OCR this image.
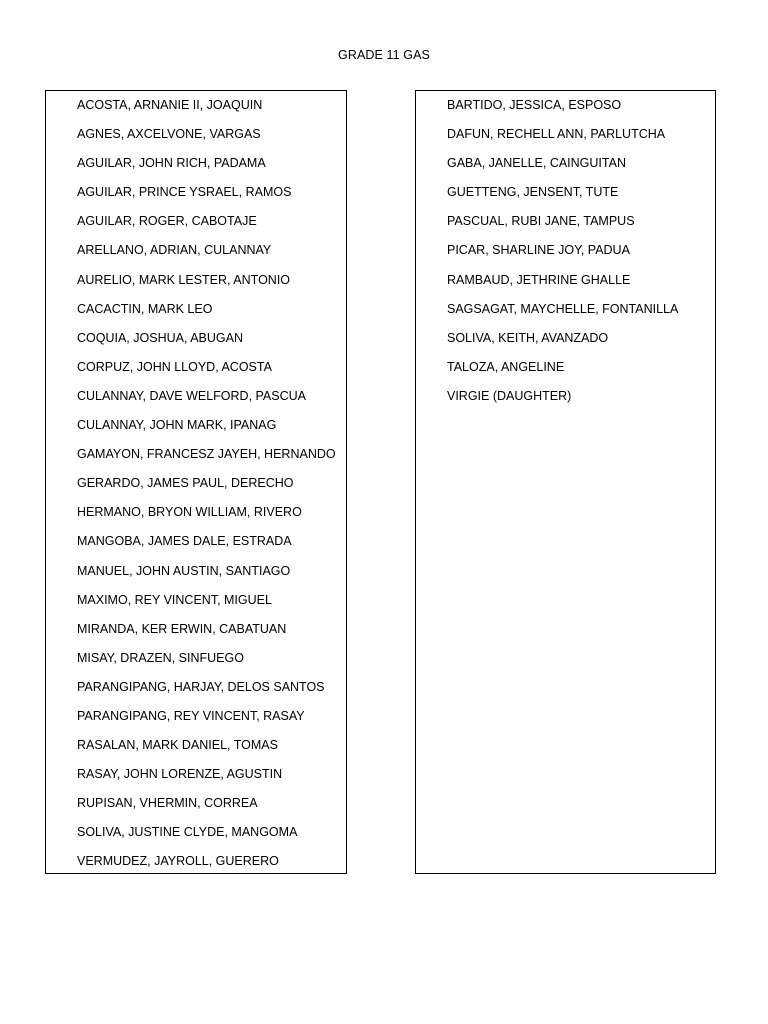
GRADE 11 GAS
ACOSTA, ARNANIE II, JOAQUIN
AGNES, AXCELVONE, VARGAS
AGUILAR, JOHN RICH, PADAMA
AGUILAR, PRINCE YSRAEL, RAMOS
AGUILAR, ROGER, CABOTAJE
ARELLANO, ADRIAN, CULANNAY
AURELIO, MARK LESTER, ANTONIO
CACACTIN, MARK LEO
COQUIA, JOSHUA, ABUGAN
CORPUZ, JOHN LLOYD, ACOSTA
CULANNAY, DAVE WELFORD, PASCUA
CULANNAY, JOHN MARK, IPANAG
GAMAYON, FRANCESZ JAYEH, HERNANDO
GERARDO, JAMES PAUL, DERECHO
HERMANO, BRYON WILLIAM, RIVERO
MANGOBA, JAMES DALE, ESTRADA
MANUEL, JOHN AUSTIN, SANTIAGO
MAXIMO, REY VINCENT, MIGUEL
MIRANDA, KER ERWIN, CABATUAN
MISAY, DRAZEN, SINFUEGO
PARANGIPANG, HARJAY, DELOS SANTOS
PARANGIPANG, REY VINCENT, RASAY
RASALAN, MARK DANIEL, TOMAS
RASAY, JOHN LORENZE, AGUSTIN
RUPISAN, VHERMIN, CORREA
SOLIVA, JUSTINE CLYDE, MANGOMA
VERMUDEZ, JAYROLL, GUERERO
BARTIDO, JESSICA, ESPOSO
DAFUN, RECHELL ANN, PARLUTCHA
GABA, JANELLE, CAINGUITAN
GUETTENG, JENSENT, TUTE
PASCUAL, RUBI JANE, TAMPUS
PICAR, SHARLINE JOY, PADUA
RAMBAUD, JETHRINE GHALLE
SAGSAGAT, MAYCHELLE, FONTANILLA
SOLIVA, KEITH, AVANZADO
TALOZA, ANGELINE
VIRGIE (DAUGHTER)
